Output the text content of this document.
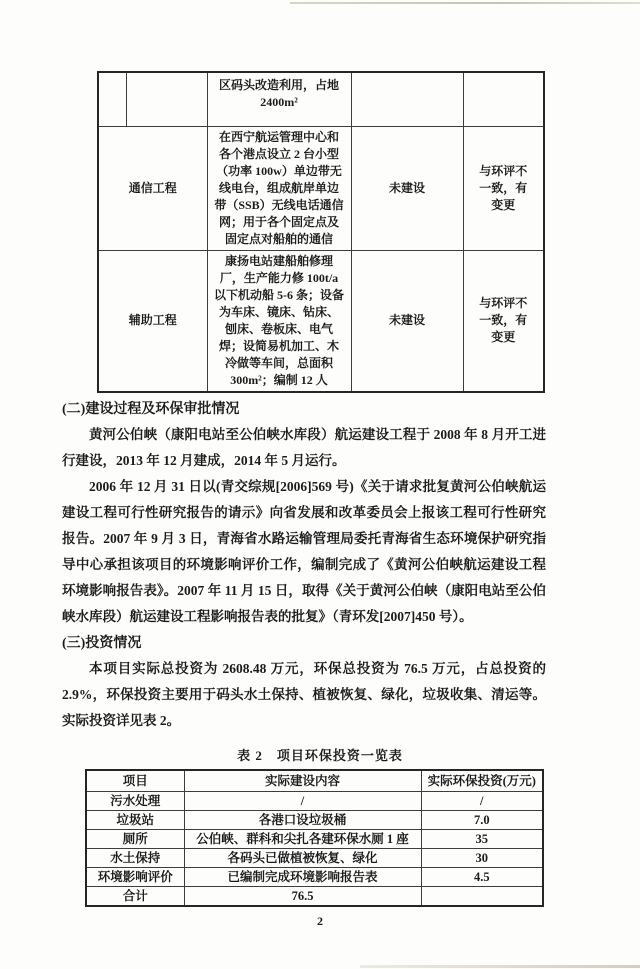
		区码头改造利用，占地 2400m²		
通信工程		在西宁航运管理中心和各个港点设立 2 台小型（功率 100w）单边带无线电台，组成航岸单边带（SSB）无线电话通信网；用于各个固定点及固定点对船舶的通信	未建设	与环评不一致，有变更
辅助工程		康扬电站建船舶修理厂，生产能力修 100t/a 以下机动船 5-6 条；设备为车床、镜床、钻床、刨床、卷板床、电气焊；设简易机加工、木冷做等车间，总面积 300m²；编制 12 人	未建设	与环评不一致，有变更
(二)建设过程及环保审批情况

黄河公伯峡（康阳电站至公伯峡水库段）航运建设工程于 2008 年 8 月开工进行建设，2013 年 12 月建成，2014 年 5 月运行。

2006 年 12 月 31 日以(青交综规[2006]569 号)《关于请求批复黄河公伯峡航运建设工程可行性研究报告的请示》向省发展和改革委员会上报该工程可行性研究报告。2007 年 9 月 3 日，青海省水路运输管理局委托青海省生态环境保护研究指导中心承担该项目的环境影响评价工作，编制完成了《黄河公伯峡航运建设工程环境影响报告表》。2007 年 11 月 15 日，取得《关于黄河公伯峡（康阳电站至公伯峡水库段）航运建设工程影响报告表的批复》（青环发[2007]450 号）。

(三)投资情况

本项目实际总投资为 2608.48 万元，环保总投资为 76.5 万元，占总投资的 2.9%，环保投资主要用于码头水土保持、植被恢复、绿化，垃圾收集、清运等。实际投资详见表 2。

表 2　项目环保投资一览表
项目	实际建设内容	实际环保投资(万元)
污水处理	/	/
垃圾站	各港口设垃圾桶	7.0
厕所	公伯峡、群科和尖扎各建环保水厕 1 座	35
水土保持	各码头已做植被恢复、绿化	30
环境影响评价	已编制完成环境影响报告表	4.5
合计	76.5	
2
